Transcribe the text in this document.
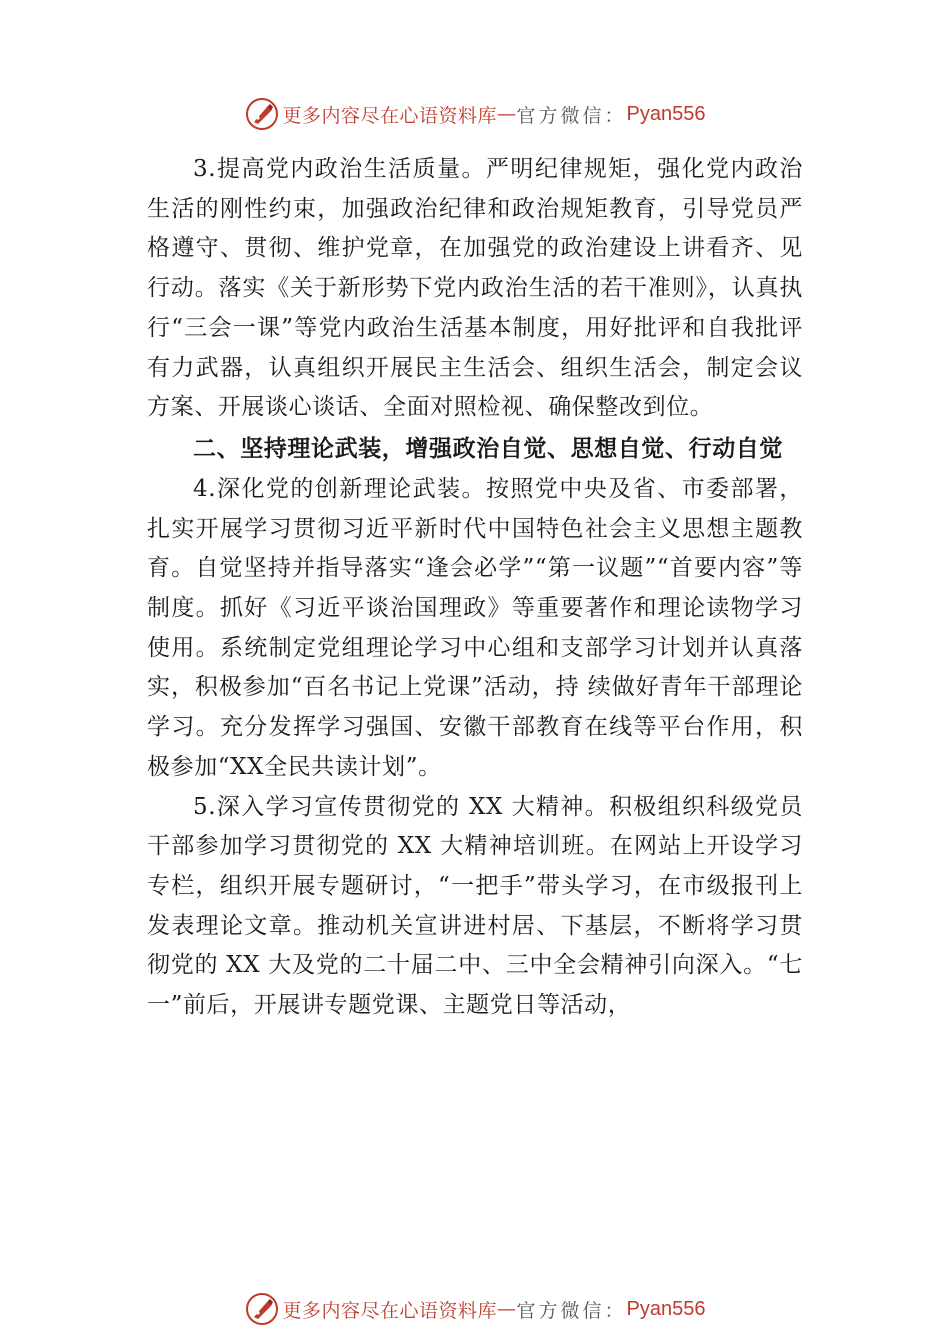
更多内容尽在心语资料库 — 官方微信： Pyan556

3.提高党内政治生活质量。严明纪律规矩，强化党内政治生活的刚性约束，加强政治纪律和政治规矩教育，引导党员严格遵守、贯彻、维护党章，在加强党的政治建设上讲看齐、见行动。落实《关于新形势下党内政治生活的若干准则》，认真执行“三会一课”等党内政治生活基本制度，用好批评和自我批评有力武器，认真组织开展民主生活会、组织生活会，制定会议方案、开展谈心谈话、全面对照检视、确保整改到位。

二、坚持理论武装，增强政治自觉、思想自觉、行动自觉

4.深化党的创新理论武装。按照党中央及省、市委部署，扎实开展学习贯彻习近平新时代中国特色社会主义思想主题教育。自觉坚持并指导落实“逢会必学”“第一议题”“首要内容”等制度。抓好《习近平谈治国理政》等重要著作和理论读物学习使用。系统制定党组理论学习中心组和支部学习计划并认真落实，积极参加“百名书记上党课”活动，持 续做好青年干部理论学习。充分发挥学习强国、安徽干部教育在线等平台作用，积极参加“XX全民共读计划”。

5.深入学习宣传贯彻党的 XX 大精神。积极组织科级党员干部参加学习贯彻党的 XX 大精神培训班。在网站上开设学习专栏，组织开展专题研讨，“一把手”带头学习，在市级报刊上发表理论文章。推动机关宣讲进村居、下基层，不断将学习贯彻党的 XX 大及党的二十届二中、三中全会精神引向深入。“七一”前后，开展讲专题党课、主题党日等活动，

更多内容尽在心语资料库 — 官方微信： Pyan556
